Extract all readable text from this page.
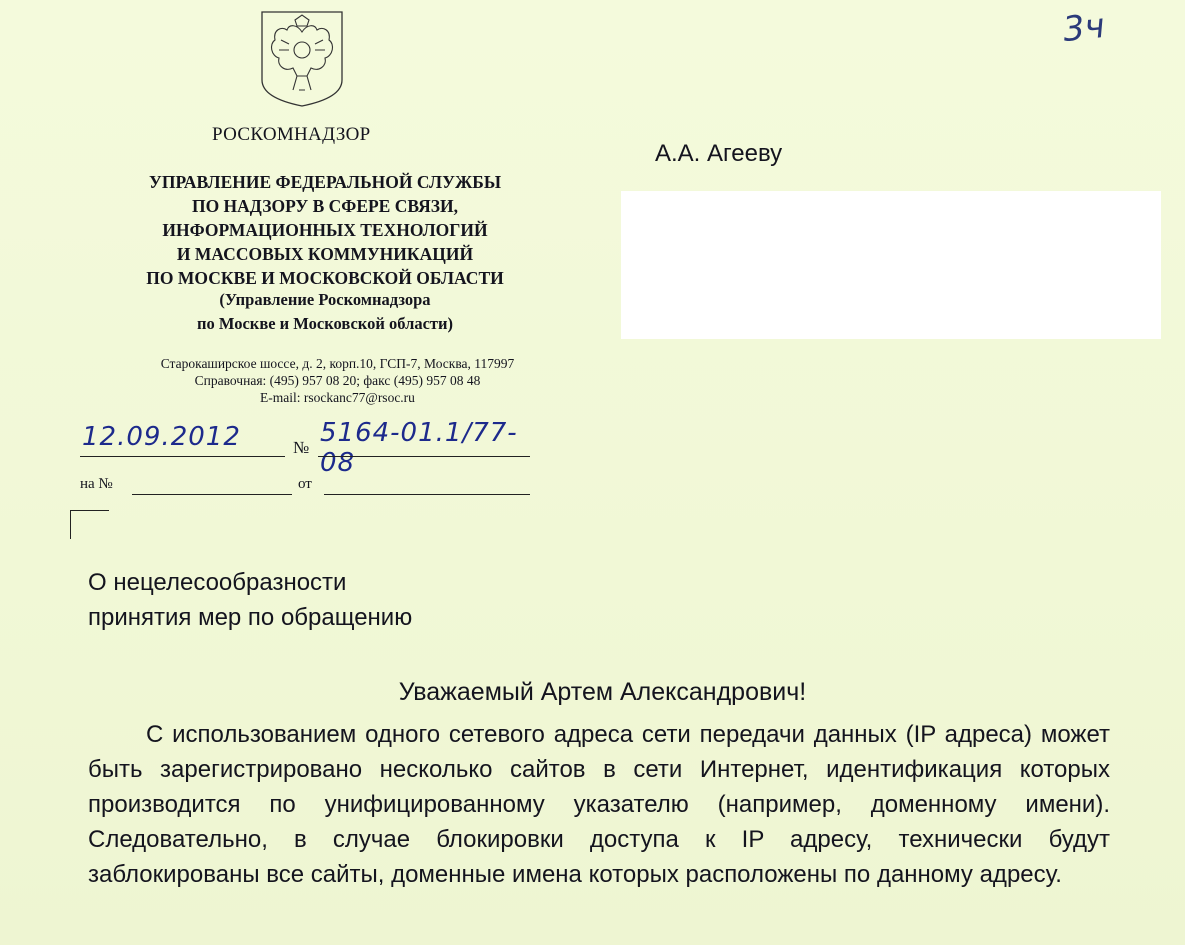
РОСКОМНАДЗОР
УПРАВЛЕНИЕ ФЕДЕРАЛЬНОЙ СЛУЖБЫ
ПО НАДЗОРУ В СФЕРЕ СВЯЗИ,
ИНФОРМАЦИОННЫХ ТЕХНОЛОГИЙ
И МАССОВЫХ КОММУНИКАЦИЙ
ПО МОСКВЕ И МОСКОВСКОЙ ОБЛАСТИ
(Управление Роскомнадзора
по Москве и Московской области)
Старокаширское шоссе, д. 2, корп.10, ГСП-7, Москва, 117997
Справочная: (495) 957 08 20; факс (495) 957 08 48
E-mail: rsockanc77@rsoc.ru
12.09.2012	№ 5164-01.1/77-08
на №	от
О нецелесообразности
принятия мер по обращению
А.А. Агееву
3ч
Уважаемый Артем Александрович!
С использованием одного сетевого адреса сети передачи данных (IP адреса) может быть зарегистрировано несколько сайтов в сети Интернет, идентификация которых производится по унифицированному указателю (например, доменному имени). Следовательно, в случае блокировки доступа к IP адресу, технически будут заблокированы все сайты, доменные имена которых расположены по данному адресу.
